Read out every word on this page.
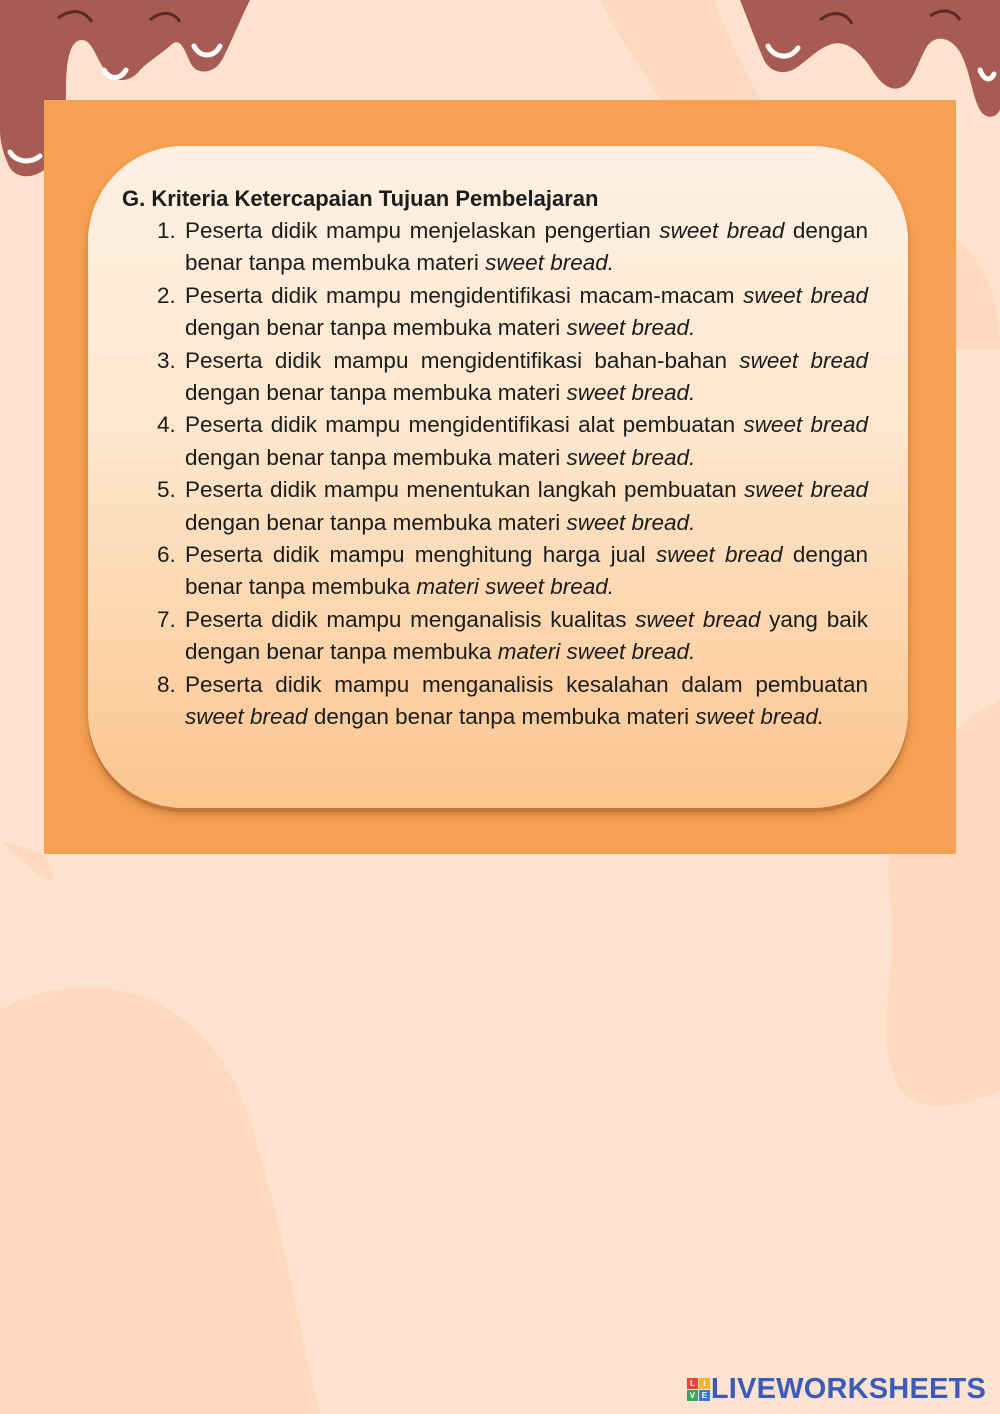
G. Kriteria Ketercapaian Tujuan Pembelajaran

1. Peserta didik mampu menjelaskan pengertian sweet bread dengan benar tanpa membuka materi sweet bread.
2. Peserta didik mampu mengidentifikasi macam-macam sweet bread dengan benar tanpa membuka materi sweet bread.
3. Peserta didik mampu mengidentifikasi bahan-bahan sweet bread dengan benar tanpa membuka materi sweet bread.
4. Peserta didik mampu mengidentifikasi alat pembuatan sweet bread dengan benar tanpa membuka materi sweet bread.
5. Peserta didik mampu menentukan langkah pembuatan sweet bread dengan benar tanpa membuka materi sweet bread.
6. Peserta didik mampu menghitung harga jual sweet bread dengan benar tanpa membuka materi sweet bread.
7. Peserta didik mampu menganalisis kualitas sweet bread yang baik dengan benar tanpa membuka materi sweet bread.
8. Peserta didik mampu menganalisis kesalahan dalam pembuatan sweet bread dengan benar tanpa membuka materi sweet bread.
L	I
V E LIVEWORKSHEETS
